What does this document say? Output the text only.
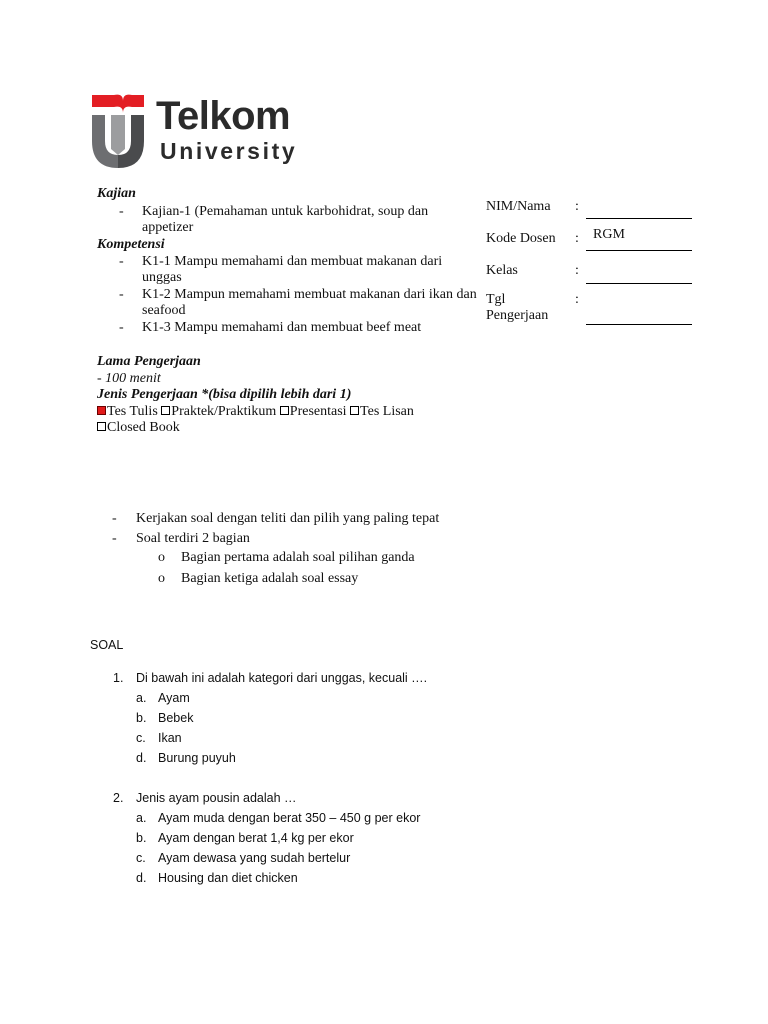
Telkom
University
Kajian
- Kajian-1 (Pemahaman untuk karbohidrat, soup dan
appetizer
Kompetensi
- K1-1 Mampu memahami dan membuat makanan dari
unggas
- K1-2 Mampun memahami membuat makanan dari ikan dan
seafood
- K1-3 Mampu memahami dan membuat beef meat
Lama Pengerjaan
- 100 menit
Jenis Pengerjaan *(bisa dipilih lebih dari 1)
Tes Tulis Praktek/Praktikum Presentasi Tes Lisan
Closed Book
NIM/Nama :
Kode Dosen : RGM
Kelas	:
Tgl
Pengerjaan
:
- Kerjakan soal dengan teliti dan pilih yang paling tepat
- Soal terdiri 2 bagian
o Bagian pertama adalah soal pilihan ganda
o Bagian ketiga adalah soal essay
SOAL
1. Di bawah ini adalah kategori dari unggas, kecuali ….
a. Ayam
b. Bebek
c. Ikan
d. Burung puyuh
2. Jenis ayam pousin adalah …
a. Ayam muda dengan berat 350 – 450 g per ekor
b. Ayam dengan berat 1,4 kg per ekor
c. Ayam dewasa yang sudah bertelur
d. Housing dan diet chicken
